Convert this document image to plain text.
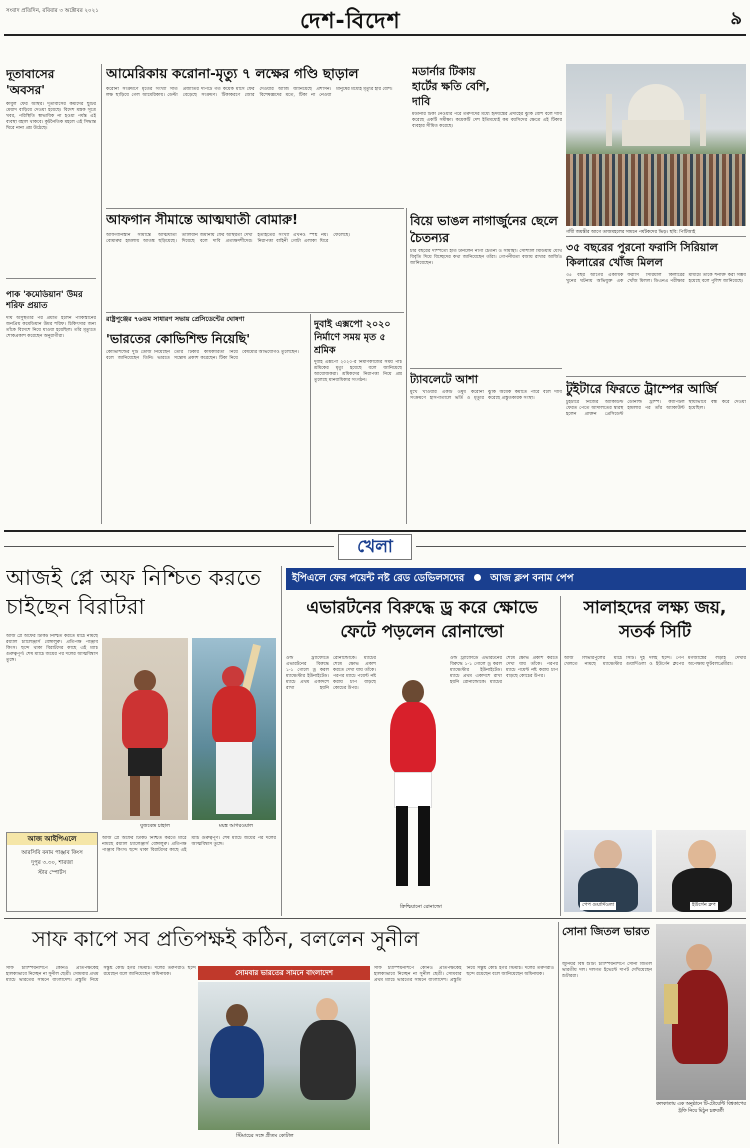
সংবাদ প্রতিদিন, রবিবার ৩ অক্টোবর ২০২১	দেশ-বিদেশ	৯
দূতাবাসের 'অবসর'
কাবুল ফের অস্থির। দূতাবাসের কর্মীদের ছুটির মেয়াদ বাড়িয়ে দেওয়া হয়েছে। বিদেশ মন্ত্রক সূত্রে খবর, পরিস্থিতি স্বাভাবিক না হওয়া পর্যন্ত এই ব্যবস্থা বহাল থাকবে। কূটনৈতিক মহলে এই সিদ্ধান্ত ঘিরে নানা প্রশ্ন উঠেছে।
পাক 'কমেডিয়ান' উমর শরিফ প্রয়াত
দীর্ঘ অসুস্থতার পর প্রয়াত হলেন পাকিস্তানের জনপ্রিয় কমেডিয়ান উমর শরিফ। চিকিৎসার জন্য তাঁকে বিদেশে নিয়ে যাওয়া হয়েছিল। তাঁর মৃত্যুতে শোকপ্রকাশ করেছেন অনুরাগীরা।
আমেরিকায় করোনা-মৃত্যু ৭ লক্ষের গণ্ডি ছাড়াল
করোনা সংক্রমণে মৃতের সংখ্যা সাত লক্ষ ছাড়িয়ে গেল আমেরিকায়। ডেল্টা প্রজাতির দাপটে গত কয়েক মাসে ফের বেড়েছে সংক্রমণ। টিকাকরণে জোর দেওয়ার আর্জি জানিয়েছে প্রশাসন। বিশেষজ্ঞদের মতে, টিকা না নেওয়া মানুষের মধ্যেই মৃত্যুর হার বেশি।
মডার্নার টিকায় হার্টের ক্ষতি বেশি, দাবি
মডার্নার টিকা নেওয়ার পরে তরুণদের মধ্যে হৃদযন্ত্রের প্রদাহের ঝুঁকি বেশি বলে দাবি করেছে একটি সমীক্ষা। কয়েকটি দেশ ইতিমধ্যেই কম বয়সিদের ক্ষেত্রে এই টিকার ব্যবহার সীমিত করেছে।
গাঁধী জয়ন্তীর আগে তাজমহলের সামনে পর্যটকদের ভিড়। ছবি: পিটিআই
আফগান সীমান্তে আত্মঘাতী বোমারু!
আফগানিস্তান সীমান্তে আত্মঘাতী বোমারুর হামলায় আতঙ্ক ছড়িয়েছে। তালিবান জমানায় ফের অস্থিরতা দেখা দিয়েছে বলে দাবি প্রত্যক্ষদর্শীদের। হতাহতের সংখ্যা এখনও স্পষ্ট নয়। নিরাপত্তা বাহিনী গোটা এলাকা ঘিরে ফেলেছে।
বিয়ে ভাঙল নাগার্জুনের ছেলে চৈতন্যর
চার বছরের দাম্পত্যে ইতি টানলেন নাগা চৈতন্য ও সামান্থা। সোশ্যাল মিডিয়ায় যৌথ বিবৃতি দিয়ে বিচ্ছেদের কথা জানিয়েছেন তাঁরা। গোপনীয়তা বজায় রাখার আর্জিও জানিয়েছেন।
৩৫ বছরের পুরনো ফরাসি সিরিয়াল কিলারের খোঁজ মিলল
৩৫ বছর আগের একাধিক খুনের ঘটনায় অভিযুক্ত এক ফরাসি সিরিয়াল কিলারের খোঁজ মিলল। ডিএনএ পরীক্ষার মাধ্যমে তাকে শনাক্ত করা সম্ভব হয়েছে বলে পুলিশ জানিয়েছে।
রাষ্ট্রপুঞ্জের ৭৬তম সাধারণ সভায় প্রেসিডেন্টের ঘোষণা
'ভারতের কোভিশিল্ড নিয়েছি'
কোভিশিল্ডের দুটি ডোজ নিয়েছেন বলে জানিয়েছেন তিনি। ভারতে তৈরি টিকার কার্যকারিতা নিয়ে সন্তোষ প্রকাশ করেছেন। টিকা নিয়ে বৈষম্যের অভিযোগও তুলেছেন।
দুবাই এক্সপো ২০২০ নির্মাণে সময় মৃত ৫ শ্রমিক
দুবাই এক্সপো ২০২০-র নির্মাণকাজের সময় পাঁচ শ্রমিকের মৃত্যু হয়েছে বলে জানিয়েছে আয়োজকরা। শ্রমিকদের নিরাপত্তা নিয়ে প্রশ্ন তুলেছে মানবাধিকার সংগঠন।	ট্যাবলেটে আশা
মুখে খাওয়ার একটি ওষুধ করোনা সংক্রমণে হাসপাতালে ভর্তি ও মৃত্যুর ঝুঁকি অর্ধেক কমাতে পারে বলে দাবি করেছে প্রস্তুতকারক সংস্থা।
টুইটারে ফিরতে ট্রাম্পের আর্জি
টুইটারে নিজের অ্যাকাউন্ট ফেরত পেতে আদালতের দ্বারস্থ হলেন প্রাক্তন প্রেসিডেন্ট ডোনাল্ড ট্রাম্প। ক্যাপিটল হামলার পর তাঁর অ্যাকাউন্ট স্থায়ীভাবে বন্ধ করে দেওয়া হয়েছিল।
খেলা
আজই প্লে অফ নিশ্চিত করতে চাইছেন বিরাটরা
আজ প্লে অফের টিকিট নিশ্চিত করতে মাঠে নামছে রয়্যাল চ্যালেঞ্জার্স বেঙ্গালুরু। প্রতিপক্ষ পাঞ্জাব কিংস। ছন্দে থাকা বিরাটদের কাছে এই ম্যাচ গুরুত্বপূর্ণ। শেষ ম্যাচে জয়ের পর দলের আত্মবিশ্বাস তুঙ্গে।
যুজবেন্দ্র চাহাল	ময়ঙ্ক আগরওয়াল
আজ আইপিএলে
আরসিবি বনাম পাঞ্জাব কিংস
দুপুর ৩.৩০, শারজা
স্টার স্পোর্টস
আজ প্লে অফের টিকিট নিশ্চিত করতে মাঠে নামছে রয়্যাল চ্যালেঞ্জার্স বেঙ্গালুরু। প্রতিপক্ষ পাঞ্জাব কিংস। ছন্দে থাকা বিরাটদের কাছে এই ম্যাচ গুরুত্বপূর্ণ। শেষ ম্যাচে জয়ের পর দলের আত্মবিশ্বাস তুঙ্গে।
ইপিএলে ফের পয়েন্ট নষ্ট রেড ডেভিলসদের	আজ ক্লপ বনাম পেপ
এভারটনের বিরুদ্ধে ড্র করে ক্ষোভে ফেটে পড়লেন রোনাল্ডো
ওল্ড ট্র্যাফোর্ডে এভারটনের বিরুদ্ধে ১-১ গোলে ড্র করল ম্যাঞ্চেস্টার ইউনাইটেড। ম্যাচে প্রথম একাদশে রাখা হয়নি রোনাল্ডোকে। ম্যাচের শেষে ক্ষোভ প্রকাশ করতে দেখা যায় তাঁকে। পরপর ম্যাচে পয়েন্ট নষ্ট করায় চাপ বাড়ছে কোচের উপর।
ক্রিশ্চিয়ানো রোনাল্ডো
ওল্ড ট্র্যাফোর্ডে এভারটনের বিরুদ্ধে ১-১ গোলে ড্র করল ম্যাঞ্চেস্টার ইউনাইটেড। ম্যাচে প্রথম একাদশে রাখা হয়নি রোনাল্ডোকে। ম্যাচের শেষে ক্ষোভ প্রকাশ করতে দেখা যায় তাঁকে। পরপর ম্যাচে পয়েন্ট নষ্ট করায় চাপ বাড়ছে কোচের উপর।
সালাহদের লক্ষ্য জয়, সতর্ক সিটি
আজ লিভারপুলের মাঠে খেলতে নামছে ম্যাঞ্চেস্টার সিটি। দুই দলই ছন্দে। পেপ গুয়ার্দিওলা ও ইউর্গেন ক্লপের মগজাস্ত্রের লড়াই দেখার অপেক্ষায় ফুটবলপ্রেমীরা।
পেপ গুয়ার্দিওলা	ইউর্গেন ক্লপ
সাফ কাপে সব প্রতিপক্ষই কঠিন, বললেন সুনীল
সাফ চ্যাম্পিয়নশিপে কোনও প্রতিপক্ষকেই হালকাভাবে নিচ্ছেন না সুনীল ছেত্রী। সোমবার প্রথম ম্যাচে ভারতের সামনে বাংলাদেশ। প্রস্তুতি নিয়ে সন্তুষ্ট কোচ ইগর স্টিমাচ। দলের তরুণরাও ছন্দে রয়েছেন বলে জানিয়েছেন অধিনায়ক।	সোমবার ভারতের সামনে বাংলাদেশ
স্টিমাচের সঙ্গে প্রীতম কোটাল
সাফ চ্যাম্পিয়নশিপে কোনও প্রতিপক্ষকেই হালকাভাবে নিচ্ছেন না সুনীল ছেত্রী। সোমবার প্রথম ম্যাচে ভারতের সামনে বাংলাদেশ। প্রস্তুতি নিয়ে সন্তুষ্ট কোচ ইগর স্টিমাচ। দলের তরুণরাও ছন্দে রয়েছেন বলে জানিয়েছেন অধিনায়ক।
সোনা জিতল ভারত
জুনিয়র বিশ্ব শুটিং চ্যাম্পিয়নশিপে সোনা জিতল ভারতীয় দল। দলগত ইভেন্টে দাপট দেখিয়েছেন শুটাররা।
কলকাতায় এক অনুষ্ঠানে টি-টোয়েন্টি বিশ্বকাপের ট্রফি নিয়ে মিঠুন চক্রবর্তী
